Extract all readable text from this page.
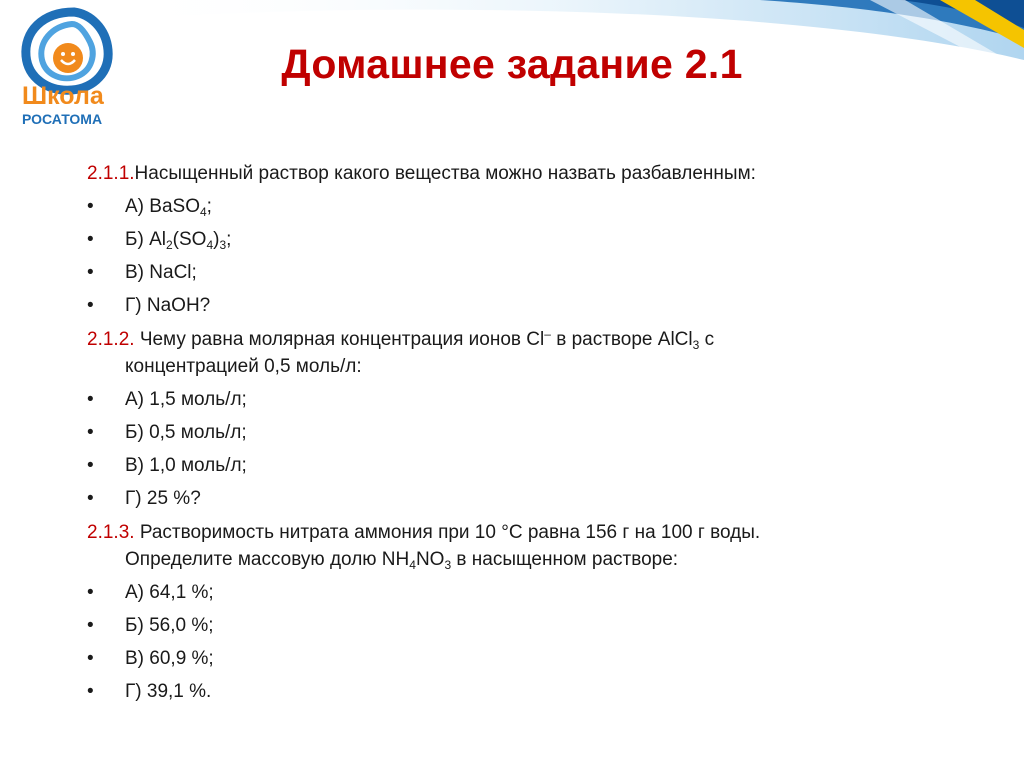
Школа
РОСАТОМА
Домашнее задание 2.1
2.1.1. Насыщенный раствор какого вещества можно назвать разбавленным:
•	А) BaSO$_4$;
•	Б) $Al_2(SO_4)_3$;
•	В) NaCl;
•	Г) NaOH?
2.1.2. Чему равна молярная концентрация ионов Cl– в растворе AlCl$_3$ с
концентрацией 0,5 моль/л:
•	А) 1,5 моль/л;
•	Б) 0,5 моль/л;
•	В) 1,0 моль/л;
•	Г) 25 %?
2.1.3. Растворимость нитрата аммония при 10 °С равна 156 г на 100 г воды.
Определите массовую долю $NH_4NO_3$ в насыщенном растворе:
•	А) 64,1 %;
•	Б) 56,0 %;
•	В) 60,9 %;
•	Г) 39,1 %.
